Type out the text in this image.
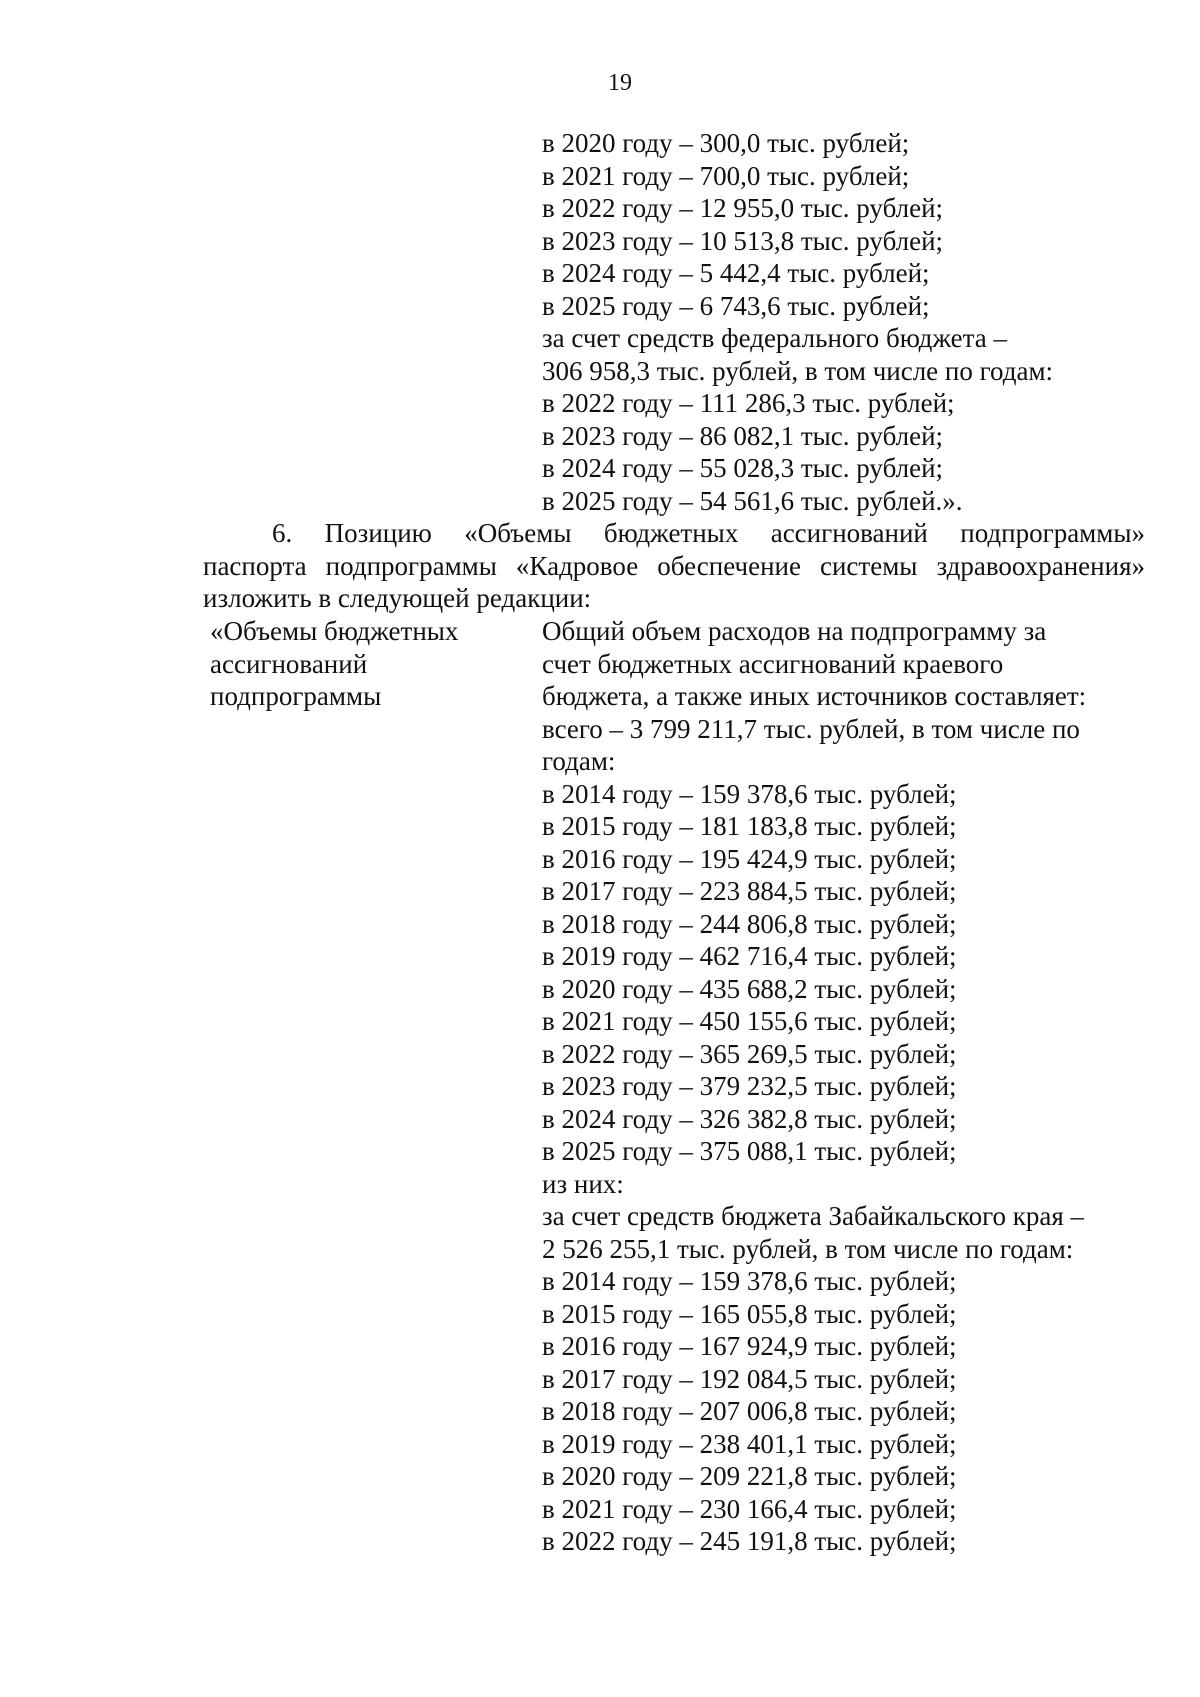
19
в 2020 году – 300,0 тыс. рублей;
в 2021 году – 700,0 тыс. рублей;
в 2022 году – 12 955,0 тыс. рублей;
в 2023 году – 10 513,8 тыс. рублей;
в 2024 году – 5 442,4 тыс. рублей;
в 2025 году – 6 743,6 тыс. рублей;
за счет средств федерального бюджета –
306 958,3 тыс. рублей, в том числе по годам:
в 2022 году – 111 286,3 тыс. рублей;
в 2023 году – 86 082,1 тыс. рублей;
в 2024 году – 55 028,3 тыс. рублей;
в 2025 году – 54 561,6 тыс. рублей.».
6. Позицию «Объемы бюджетных ассигнований подпрограммы»
паспорта подпрограммы «Кадровое обеспечение системы здравоохранения»
изложить в следующей редакции:
«Объемы бюджетных
ассигнований
подпрограммы
Общий объем расходов на подпрограмму за
счет бюджетных ассигнований краевого
бюджета, а также иных источников составляет:
всего – 3 799 211,7 тыс. рублей, в том числе по
годам:
в 2014 году – 159 378,6 тыс. рублей;
в 2015 году – 181 183,8 тыс. рублей;
в 2016 году – 195 424,9 тыс. рублей;
в 2017 году – 223 884,5 тыс. рублей;
в 2018 году – 244 806,8 тыс. рублей;
в 2019 году – 462 716,4 тыс. рублей;
в 2020 году – 435 688,2 тыс. рублей;
в 2021 году – 450 155,6 тыс. рублей;
в 2022 году – 365 269,5 тыс. рублей;
в 2023 году – 379 232,5 тыс. рублей;
в 2024 году – 326 382,8 тыс. рублей;
в 2025 году – 375 088,1 тыс. рублей;
из них:
за счет средств бюджета Забайкальского края –
2 526 255,1 тыс. рублей, в том числе по годам:
в 2014 году – 159 378,6 тыс. рублей;
в 2015 году – 165 055,8 тыс. рублей;
в 2016 году – 167 924,9 тыс. рублей;
в 2017 году – 192 084,5 тыс. рублей;
в 2018 году – 207 006,8 тыс. рублей;
в 2019 году – 238 401,1 тыс. рублей;
в 2020 году – 209 221,8 тыс. рублей;
в 2021 году – 230 166,4 тыс. рублей;
в 2022 году – 245 191,8 тыс. рублей;
